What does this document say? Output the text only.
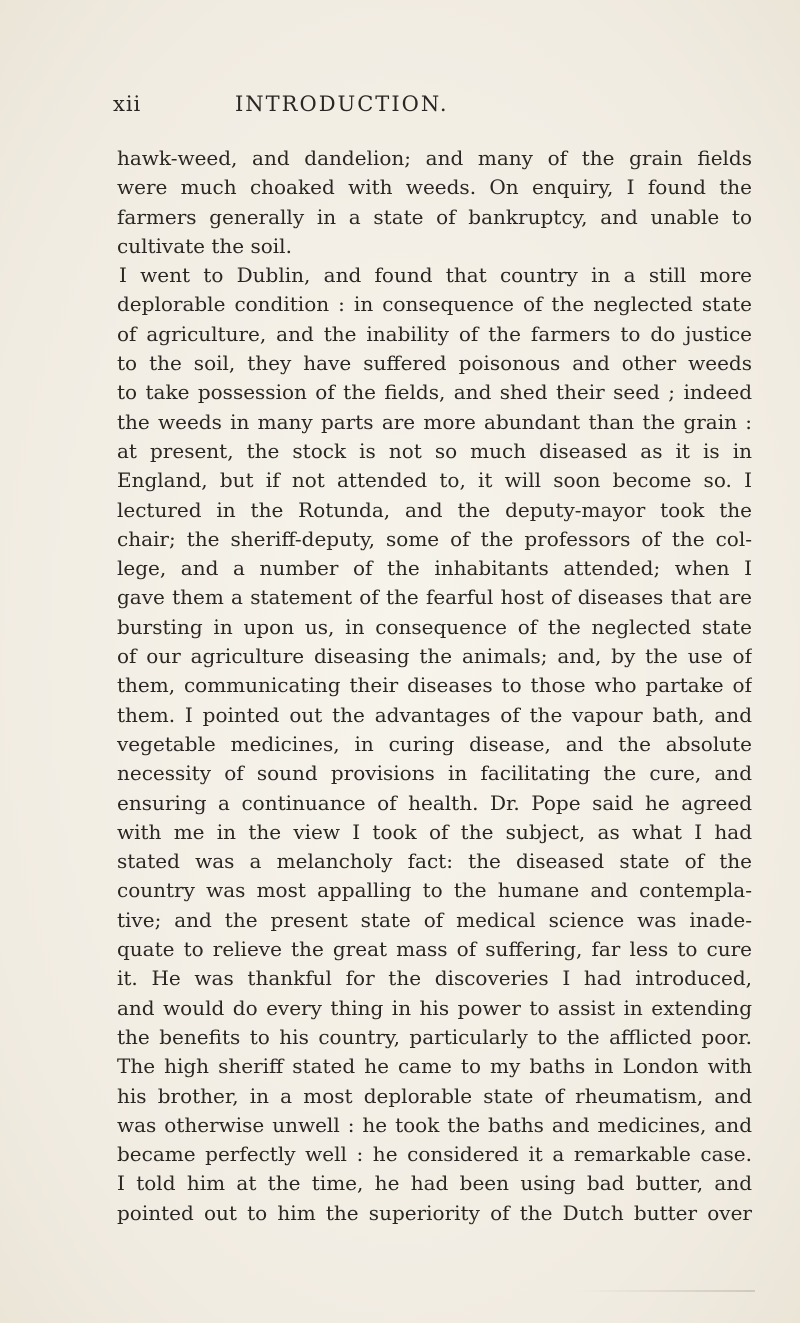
xii	INTRODUCTION.
hawk-weed, and dandelion; and many of the grain fields
were much choaked with weeds. On enquiry, I found the
farmers generally in a state of bankruptcy, and unable to
cultivate the soil.
I went to Dublin, and found that country in a still more
deplorable condition : in consequence of the neglected state
of agriculture, and the inability of the farmers to do justice
to the soil, they have suffered poisonous and other weeds
to take possession of the fields, and shed their seed ; indeed
the weeds in many parts are more abundant than the grain :
at present, the stock is not so much diseased as it is in
England, but if not attended to, it will soon become so. I
lectured in the Rotunda, and the deputy-mayor took the
chair; the sheriff-deputy, some of the professors of the col-
lege, and a number of the inhabitants attended; when I
gave them a statement of the fearful host of diseases that are
bursting in upon us, in consequence of the neglected state
of our agriculture diseasing the animals; and, by the use of
them, communicating their diseases to those who partake of
them. I pointed out the advantages of the vapour bath, and
vegetable medicines, in curing disease, and the absolute
necessity of sound provisions in facilitating the cure, and
ensuring a continuance of health. Dr. Pope said he agreed
with me in the view I took of the subject, as what I had
stated was a melancholy fact: the diseased state of the
country was most appalling to the humane and contempla-
tive; and the present state of medical science was inade-
quate to relieve the great mass of suffering, far less to cure
it. He was thankful for the discoveries I had introduced,
and would do every thing in his power to assist in extending
the benefits to his country, particularly to the afflicted poor.
The high sheriff stated he came to my baths in London with
his brother, in a most deplorable state of rheumatism, and
was otherwise unwell : he took the baths and medicines, and
became perfectly well : he considered it a remarkable case.
I told him at the time, he had been using bad butter, and
pointed out to him the superiority of the Dutch butter over
